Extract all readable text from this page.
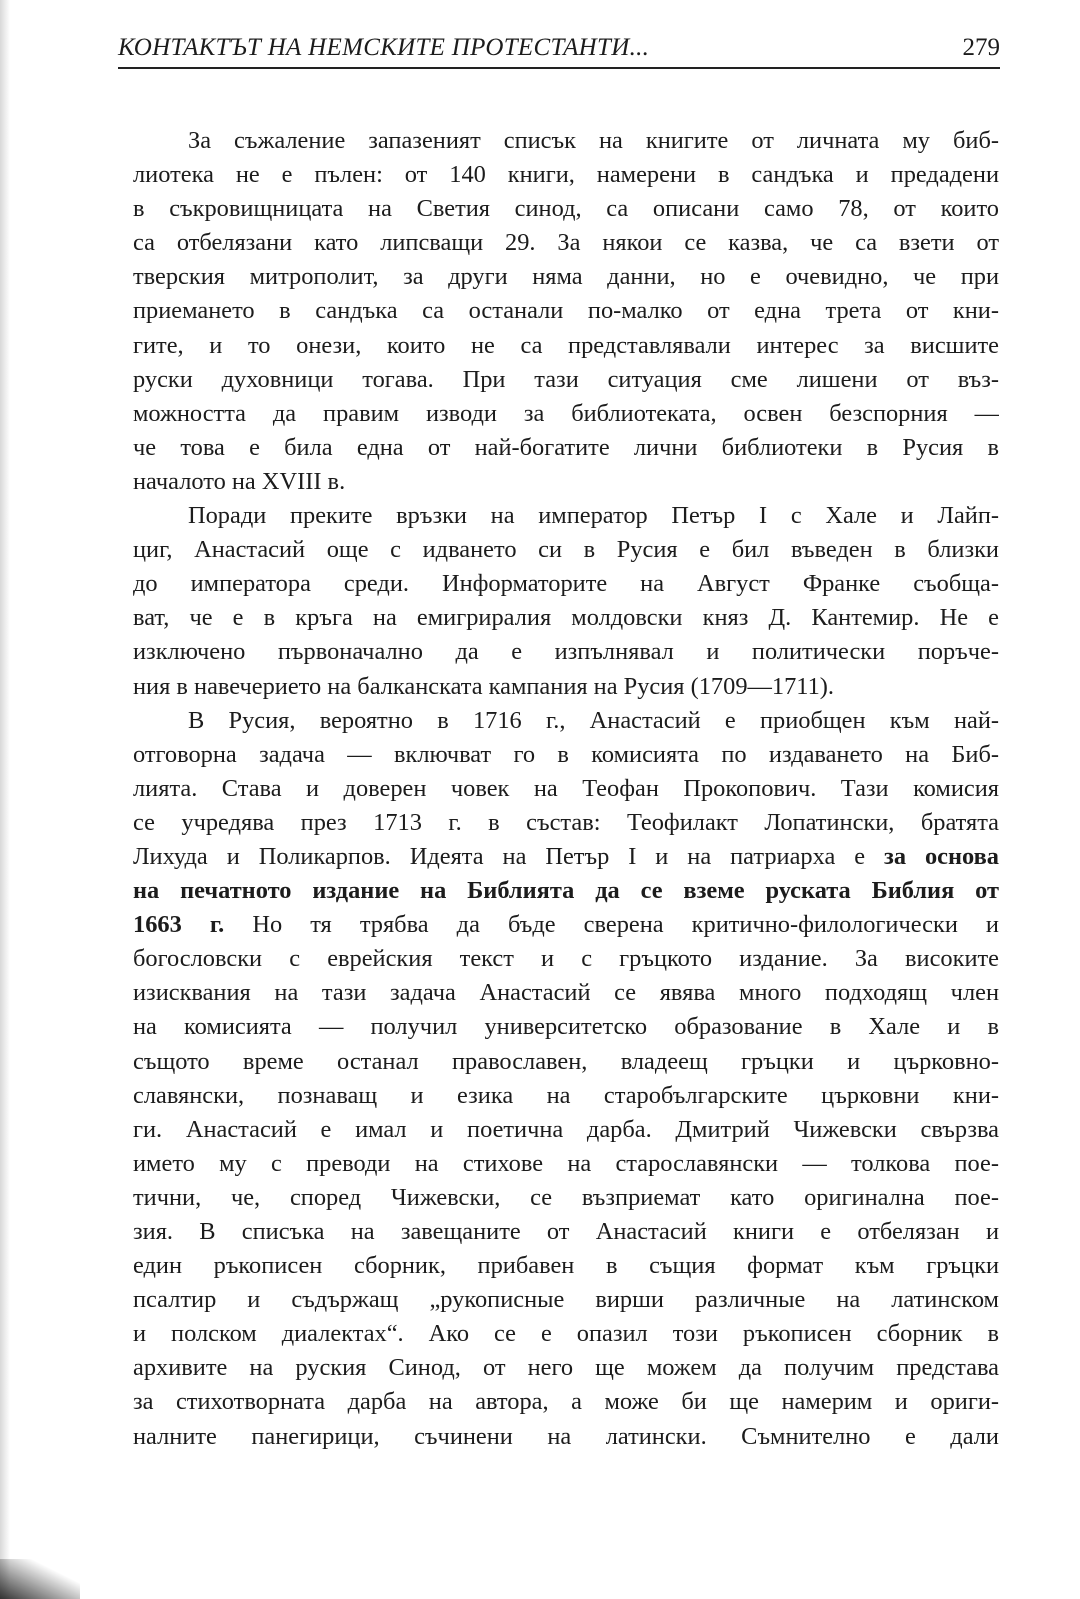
КОНТАКТЪТ НА НЕМСКИТЕ ПРОТЕСТАНТИ...	279
За съжаление запазеният списък на книгите от личната му биб-
лиотека не е пълен: от 140 книги, намерени в сандъка и предадени
в съкровищницата на Светия синод, са описани само 78, от които
са отбелязани като липсващи 29. За някои се казва, че са взети от
тверския митрополит, за други няма данни, но е очевидно, че при
приемането в сандъка са останали по-малко от една трета от кни-
гите, и то онези, които не са представлявали интерес за висшите
руски духовници тогава. При тази ситуация сме лишени от въз-
можността да правим изводи за библиотеката, освен безспорния —
че това е била една от най-богатите лични библиотеки в Русия в
началото на XVIII в.
Поради преките връзки на император Петър I с Хале и Лайп-
циг, Анастасий още с идването си в Русия е бил въведен в близки
до императора среди. Информаторите на Август Франке съобща-
ват, че е в кръга на емигриралия молдовски княз Д. Кантемир. Не е
изключено първоначално да е изпълнявал и политически поръче-
ния в навечерието на балканската кампания на Русия (1709—1711).
В Русия, вероятно в 1716 г., Анастасий е приобщен към най-
отговорна задача — включват го в комисията по издаването на Биб-
лията. Става и доверен човек на Теофан Прокопович. Тази комисия
се учредява през 1713 г. в състав: Теофилакт Лопатински, братята
Лихуда и Поликарпов. Идеята на Петър I и на патриарха е за основа
на печатното издание на Библията да се вземе руската Библия от
1663 г. Но тя трябва да бъде сверена критично-филологически и
богословски с еврейския текст и с гръцкото издание. За високите
изисквания на тази задача Анастасий се явява много подходящ член
на комисията — получил университетско образование в Хале и в
същото време останал православен, владеещ гръцки и църковно-
славянски, познаващ и езика на старобългарските църковни кни-
ги. Анастасий е имал и поетична дарба. Дмитрий Чижевски свързва
името му с преводи на стихове на старославянски — толкова пое-
тични, че, според Чижевски, се възприемат като оригинална пое-
зия. В списъка на завещаните от Анастасий книги е отбелязан и
един ръкописен сборник, прибавен в същия формат към гръцки
псалтир и съдържащ „рукописные вирши различные на латинском
и полском диалектах“. Ако се е опазил този ръкописен сборник в
архивите на руския Синод, от него ще можем да получим представа
за стихотворната дарба на автора, а може би ще намерим и ориги-
налните панегирици, съчинени на латински. Съмнително е дали
